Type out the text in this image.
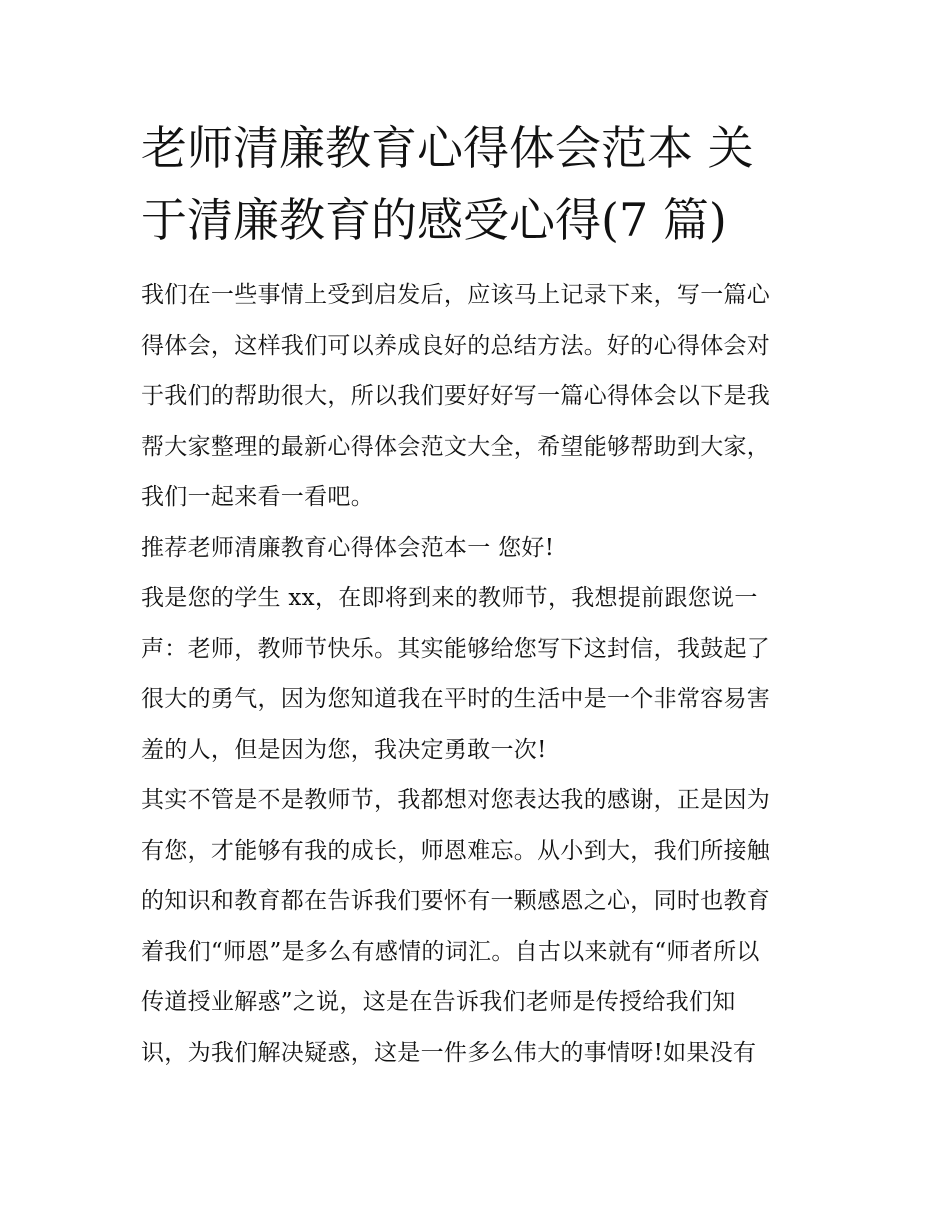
老师清廉教育心得体会范本 关
于清廉教育的感受心得(7 篇)

我们在一些事情上受到启发后，应该马上记录下来，写一篇心
得体会，这样我们可以养成良好的总结方法。好的心得体会对
于我们的帮助很大，所以我们要好好写一篇心得体会以下是我
帮大家整理的最新心得体会范文大全，希望能够帮助到大家，
我们一起来看一看吧。

推荐老师清廉教育心得体会范本一 您好!

我是您的学生 xx，在即将到来的教师节，我想提前跟您说一
声：老师，教师节快乐。其实能够给您写下这封信，我鼓起了
很大的勇气，因为您知道我在平时的生活中是一个非常容易害
羞的人，但是因为您，我决定勇敢一次!

其实不管是不是教师节，我都想对您表达我的感谢，正是因为
有您，才能够有我的成长，师恩难忘。从小到大，我们所接触
的知识和教育都在告诉我们要怀有一颗感恩之心，同时也教育
着我们“师恩”是多么有感情的词汇。自古以来就有“师者所以
传道授业解惑”之说，这是在告诉我们老师是传授给我们知
识，为我们解决疑惑，这是一件多么伟大的事情呀!如果没有
